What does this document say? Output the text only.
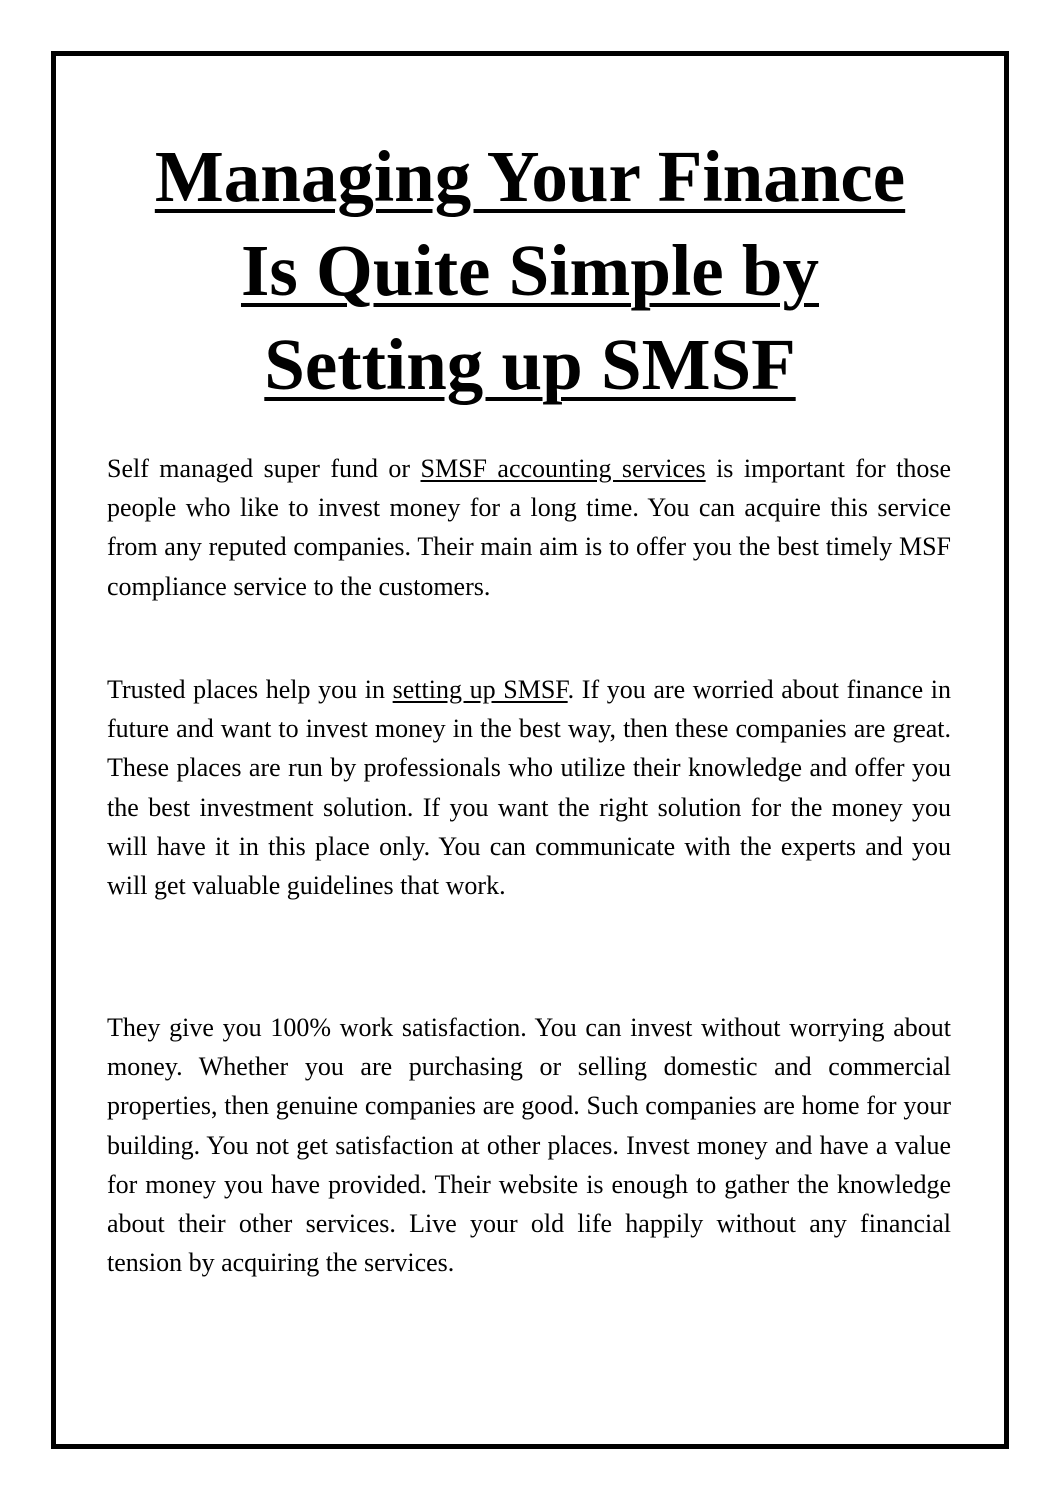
Managing Your Finance
Is Quite Simple by
Setting up SMSF

Self managed super fund or SMSF accounting services is important for those people who like to invest money for a long time. You can acquire this service from any reputed companies. Their main aim is to offer you the best timely MSF compliance service to the customers.

Trusted places help you in setting up SMSF. If you are worried about finance in future and want to invest money in the best way, then these companies are great. These places are run by professionals who utilize their knowledge and offer you the best investment solution. If you want the right solution for the money you will have it in this place only. You can communicate with the experts and you will get valuable guidelines that work.

They give you 100% work satisfaction. You can invest without worrying about money. Whether you are purchasing or selling domestic and commercial properties, then genuine companies are good. Such companies are home for your building. You not get satisfaction at other places. Invest money and have a value for money you have provided. Their website is enough to gather the knowledge about their other services. Live your old life happily without any financial tension by acquiring the services.
